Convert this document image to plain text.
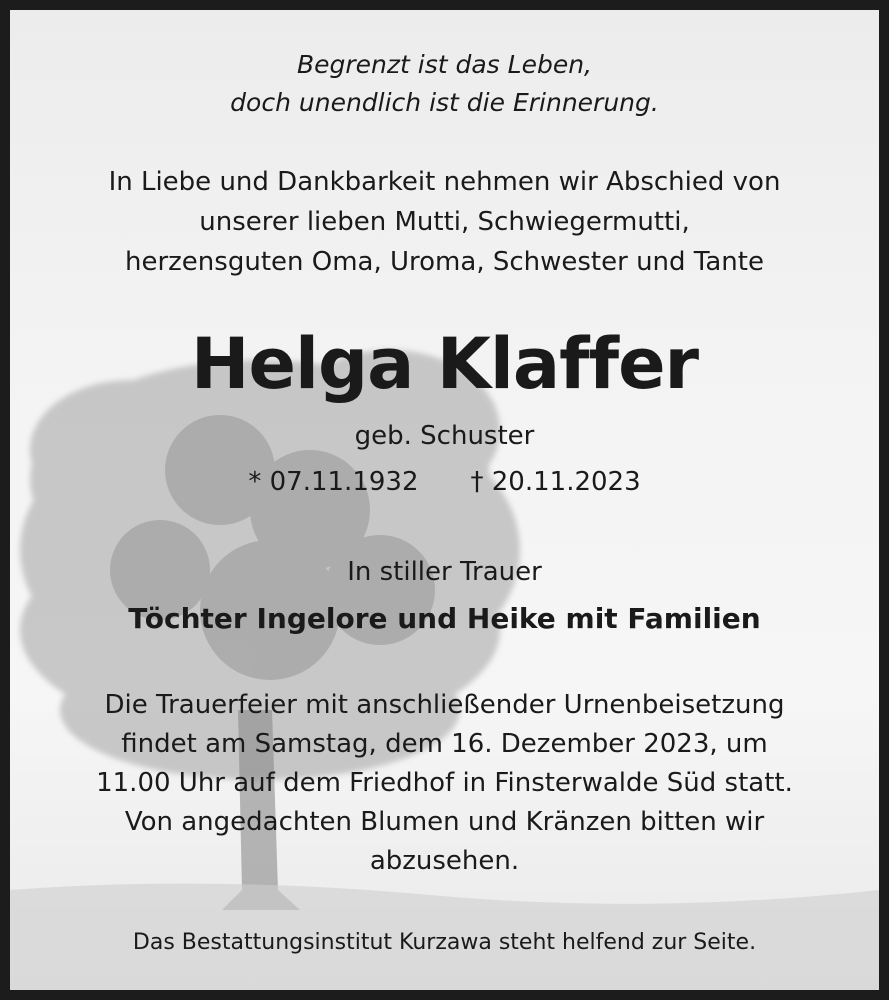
Begrenzt ist das Leben,
doch unendlich ist die Erinnerung.
In Liebe und Dankbarkeit nehmen wir Abschied von
unserer lieben Mutti, Schwiegermutti,
herzensguten Oma, Uroma, Schwester und Tante
Helga Klaffer
geb. Schuster
* 07.11.1932 † 20.11.2023
In stiller Trauer
Töchter Ingelore und Heike mit Familien
Die Trauerfeier mit anschließender Urnenbeisetzung
findet am Samstag, dem 16. Dezember 2023, um
11.00 Uhr auf dem Friedhof in Finsterwalde Süd statt.
Von angedachten Blumen und Kränzen bitten wir
abzusehen.
Das Bestattungsinstitut Kurzawa steht helfend zur Seite.
